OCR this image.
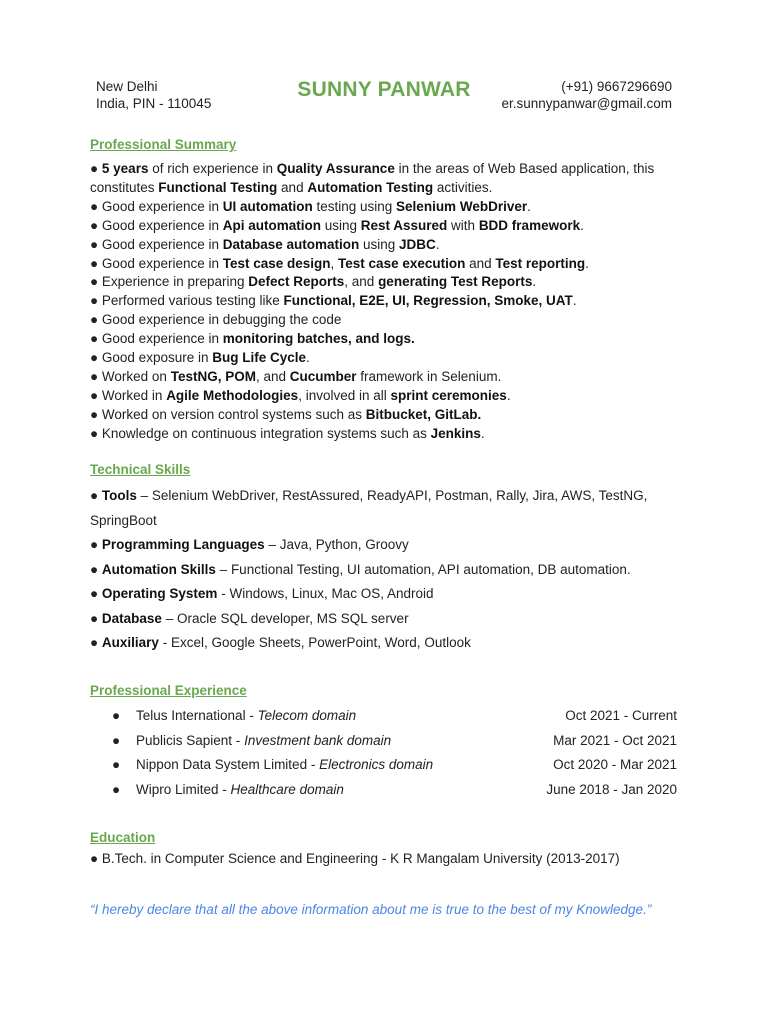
New Delhi
India, PIN - 110045
SUNNY PANWAR	(+91) 9667296690
er.sunnypanwar@gmail.com
Professional Summary
● 5 years of rich experience in Quality Assurance in the areas of Web Based application, this
constitutes Functional Testing and Automation Testing activities.
● Good experience in UI automation testing using Selenium WebDriver.
● Good experience in Api automation using Rest Assured with BDD framework.
● Good experience in Database automation using JDBC.
● Good experience in Test case design, Test case execution and Test reporting.
● Experience in preparing Defect Reports, and generating Test Reports.
● Performed various testing like Functional, E2E, UI, Regression, Smoke, UAT.
● Good experience in debugging the code
● Good experience in monitoring batches, and logs.
● Good exposure in Bug Life Cycle.
● Worked on TestNG, POM, and Cucumber framework in Selenium.
● Worked in Agile Methodologies, involved in all sprint ceremonies.
● Worked on version control systems such as Bitbucket, GitLab.
● Knowledge on continuous integration systems such as Jenkins.
Technical Skills
● Tools – Selenium WebDriver, RestAssured, ReadyAPI, Postman, Rally, Jira, AWS, TestNG, SpringBoot
● Programming Languages – Java, Python, Groovy
● Automation Skills – Functional Testing, UI automation, API automation, DB automation.
● Operating System - Windows, Linux, Mac OS, Android
● Database – Oracle SQL developer, MS SQL server
● Auxiliary - Excel, Google Sheets, PowerPoint, Word, Outlook
Professional Experience
● Telus International - Telecom domain	Oct 2021 - Current
● Publicis Sapient - Investment bank domain	Mar 2021 - Oct 2021
● Nippon Data System Limited - Electronics domain	Oct 2020 - Mar 2021
● Wipro Limited - Healthcare domain	June 2018 - Jan 2020
Education
● B.Tech. in Computer Science and Engineering - K R Mangalam University (2013-2017)
“I hereby declare that all the above information about me is true to the best of my Knowledge.”
